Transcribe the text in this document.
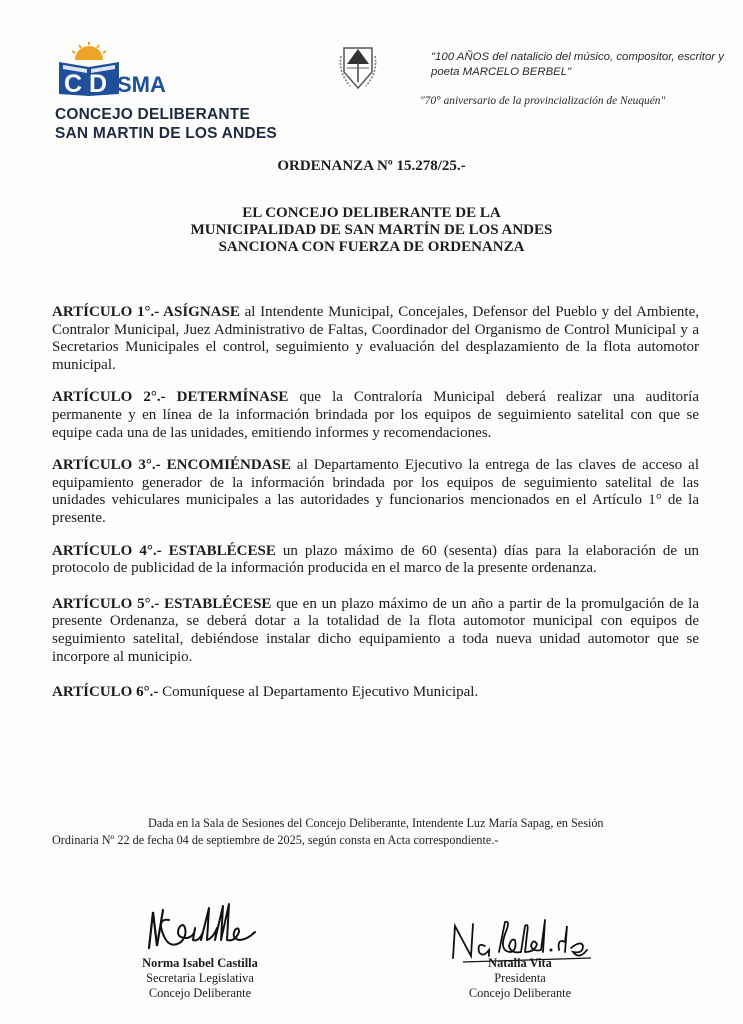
C D SMA
CONCEJO DELIBERANTE
SAN MARTIN DE LOS ANDES
"100 AÑOS del natalicio del músico, compositor, escritor y poeta MARCELO BERBEL"
"70° aniversario de la provincialización de Neuquén"
ORDENANZA Nº 15.278/25.-
EL CONCEJO DELIBERANTE DE LA
MUNICIPALIDAD DE SAN MARTÍN DE LOS ANDES
SANCIONA CON FUERZA DE ORDENANZA

ARTÍCULO 1°.- ASÍGNASE al Intendente Municipal, Concejales, Defensor del Pueblo y del Ambiente, Contralor Municipal, Juez Administrativo de Faltas, Coordinador del Organismo de Control Municipal y a Secretarios Municipales el control, seguimiento y evaluación del desplazamiento de la flota automotor municipal.

ARTÍCULO 2°.- DETERMÍNASE que la Contraloría Municipal deberá realizar una auditoría permanente y en línea de la información brindada por los equipos de seguimiento satelital con que se equipe cada una de las unidades, emitiendo informes y recomendaciones.

ARTÍCULO 3°.- ENCOMIÉNDASE al Departamento Ejecutivo la entrega de las claves de acceso al equipamiento generador de la información brindada por los equipos de seguimiento satelital de las unidades vehiculares municipales a las autoridades y funcionarios mencionados en el Artículo 1° de la presente.

ARTÍCULO 4°.- ESTABLÉCESE un plazo máximo de 60 (sesenta) días para la elaboración de un protocolo de publicidad de la información producida en el marco de la presente ordenanza.

ARTÍCULO 5°.- ESTABLÉCESE que en un plazo máximo de un año a partir de la promulgación de la presente Ordenanza, se deberá dotar a la totalidad de la flota automotor municipal con equipos de seguimiento satelital, debiéndose instalar dicho equipamiento a toda nueva unidad automotor que se incorpore al municipio.

ARTÍCULO 6°.- Comuníquese al Departamento Ejecutivo Municipal.

Dada en la Sala de Sesiones del Concejo Deliberante, Intendente Luz María Sapag, en Sesión
Ordinaria Nº 22 de fecha 04 de septiembre de 2025, según consta en Acta correspondiente.-
Norma Isabel Castilla
Secretaria Legislativa
Concejo Deliberante
Natalia Vita
Presidenta
Concejo Deliberante
